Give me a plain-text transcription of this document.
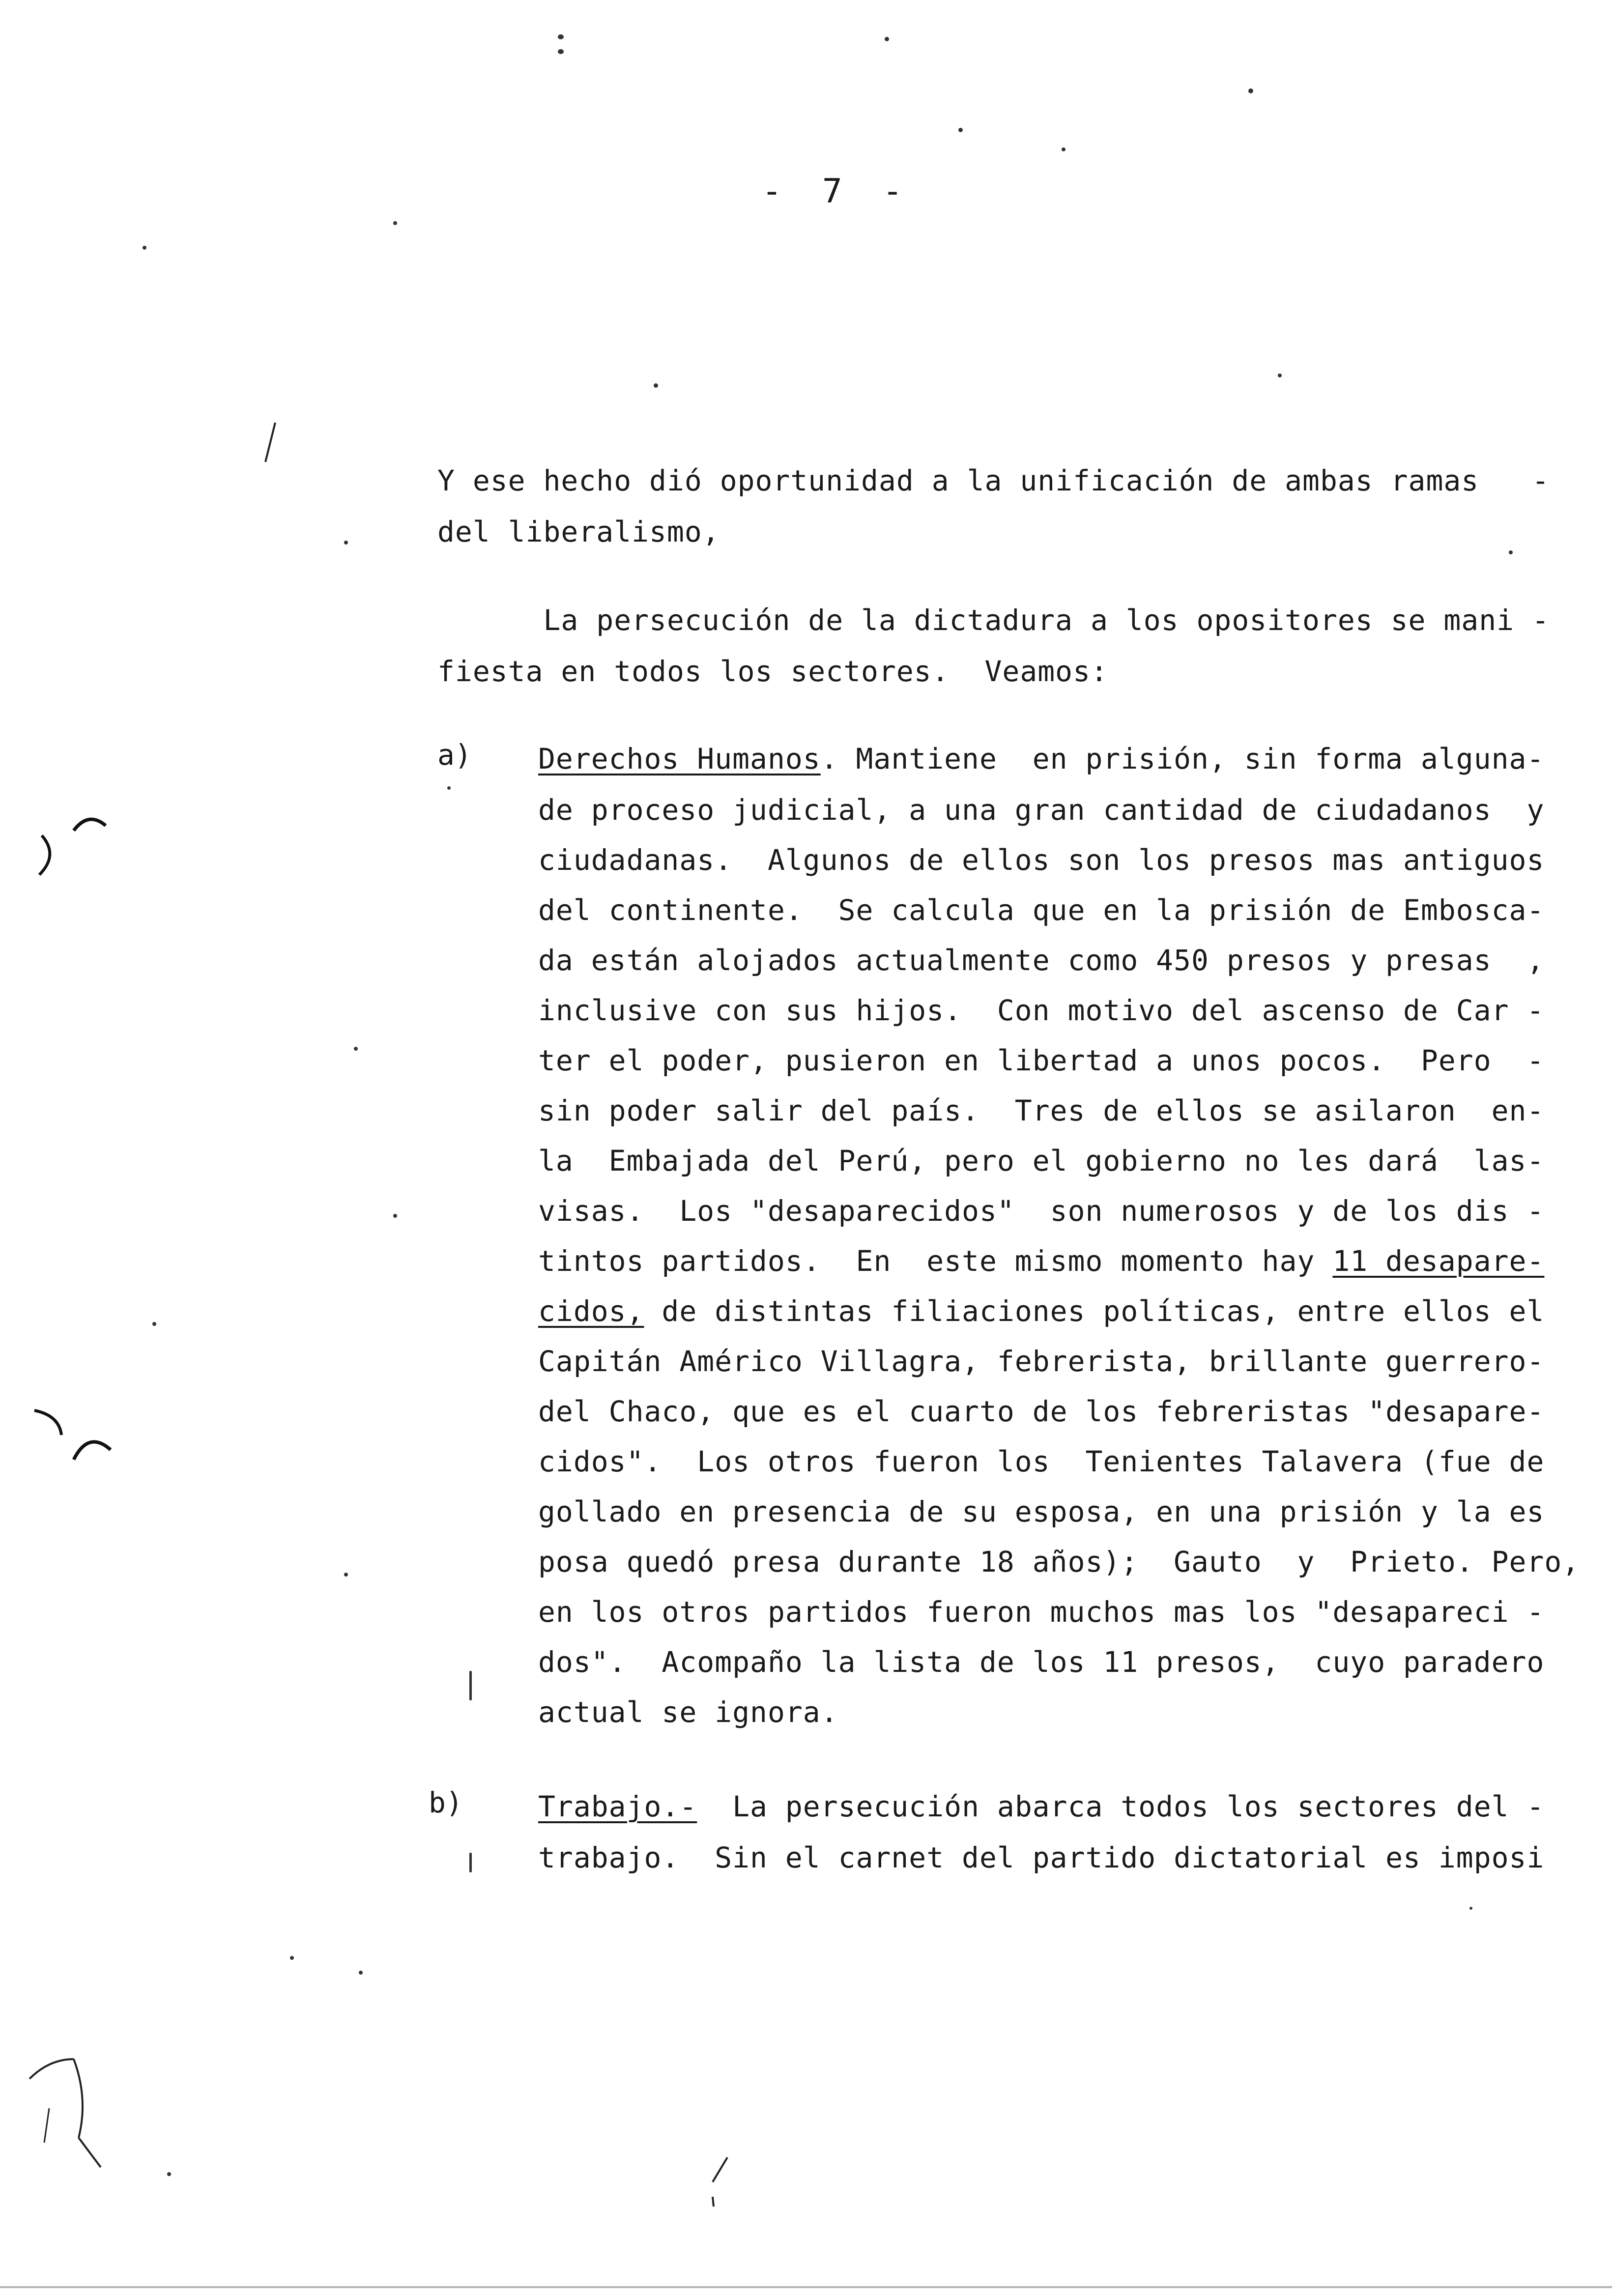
-  7  -
Y ese hecho dió oportunidad a la unificación de ambas ramas   -
del liberalismo,
La persecución de la dictadura a los opositores se mani -
fiesta en todos los sectores.  Veamos:
a) Derechos Humanos. Mantiene  en prisión, sin forma alguna-
de proceso judicial, a una gran cantidad de ciudadanos  y
ciudadanas.  Algunos de ellos son los presos mas antiguos
del continente.  Se calcula que en la prisión de Embosca-
da están alojados actualmente como 450 presos y presas  ,
inclusive con sus hijos.  Con motivo del ascenso de Car -
ter el poder, pusieron en libertad a unos pocos.  Pero  -
sin poder salir del país.  Tres de ellos se asilaron  en-
la  Embajada del Perú, pero el gobierno no les dará  las-
visas.  Los "desaparecidos"  son numerosos y de los dis -
tintos partidos.  En  este mismo momento hay 11 desapare-
cidos, de distintas filiaciones políticas, entre ellos el
Capitán Américo Villagra, febrerista, brillante guerrero-
del Chaco, que es el cuarto de los febreristas "desapare-
cidos".  Los otros fueron los  Tenientes Talavera (fue de
gollado en presencia de su esposa, en una prisión y la es
posa quedó presa durante 18 años);  Gauto  y  Prieto. Pero,
en los otros partidos fueron muchos mas los "desapareci -
dos".  Acompaño la lista de los 11 presos,  cuyo paradero
actual se ignora.
b)	Trabajo.-  La persecución abarca todos los sectores del -
trabajo.  Sin el carnet del partido dictatorial es imposi
